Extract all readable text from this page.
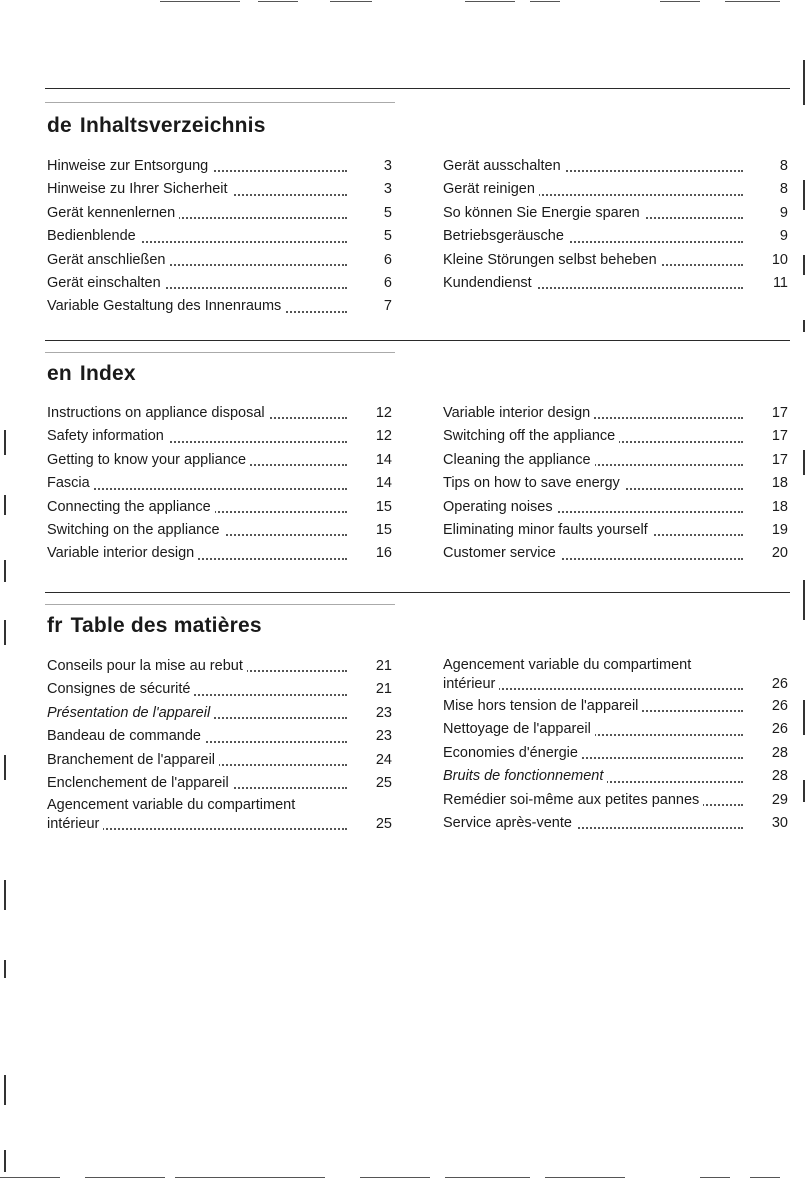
de Inhaltsverzeichnis
Hinweise zur Entsorgung	3
Hinweise zu Ihrer Sicherheit	3
Gerät kennenlernen	5
Bedienblende	5
Gerät anschließen	6
Gerät einschalten	6
Variable Gestaltung des Innenraums	7
Gerät ausschalten	8
Gerät reinigen	8
So können Sie Energie sparen	9
Betriebsgeräusche	9
Kleine Störungen selbst beheben	10
Kundendienst	11
en Index
Instructions on appliance disposal	12
Safety information	12
Getting to know your appliance	14
Fascia	14
Connecting the appliance	15
Switching on the appliance	15
Variable interior design	16
Variable interior design	17
Switching off the appliance	17
Cleaning the appliance	17
Tips on how to save energy	18
Operating noises	18
Eliminating minor faults yourself	19
Customer service	20
fr Table des matières
Conseils pour la mise au rebut	21
Consignes de sécurité	21
Présentation de l'appareil	23
Bandeau de commande	23
Branchement de l'appareil	24
Enclenchement de l'appareil	25
Agencement variable du compartiment
intérieur	25
Agencement variable du compartiment
intérieur	26
Mise hors tension de l'appareil	26
Nettoyage de l'appareil	26
Economies d'énergie	28
Bruits de fonctionnement	28
Remédier soi-même aux petites pannes	29
Service après-vente	30
